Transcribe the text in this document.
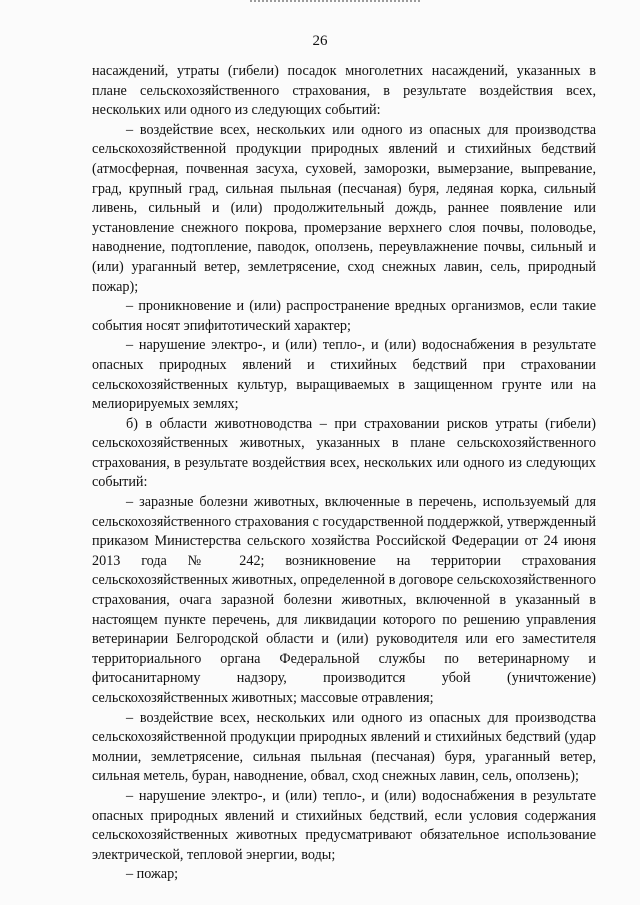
26

насаждений, утраты (гибели) посадок многолетних насаждений, указанных в плане сельскохозяйственного страхования, в результате воздействия всех, нескольких или одного из следующих событий:

– воздействие всех, нескольких или одного из опасных для производства сельскохозяйственной продукции природных явлений и стихийных бедствий (атмосферная, почвенная засуха, суховей, заморозки, вымерзание, выпревание, град, крупный град, сильная пыльная (песчаная) буря, ледяная корка, сильный ливень, сильный и (или) продолжительный дождь, раннее появление или установление снежного покрова, промерзание верхнего слоя почвы, половодье, наводнение, подтопление, паводок, оползень, переувлажнение почвы, сильный и (или) ураганный ветер, землетрясение, сход снежных лавин, сель, природный пожар);

– проникновение и (или) распространение вредных организмов, если такие события носят эпифитотический характер;

– нарушение электро-, и (или) тепло-, и (или) водоснабжения в результате опасных природных явлений и стихийных бедствий при страховании сельскохозяйственных культур, выращиваемых в защищенном грунте или на мелиорируемых землях;

б) в области животноводства – при страховании рисков утраты (гибели) сельскохозяйственных животных, указанных в плане сельскохозяйственного страхования, в результате воздействия всех, нескольких или одного из следующих событий:

– заразные болезни животных, включенные в перечень, используемый для сельскохозяйственного страхования с государственной поддержкой, утвержденный приказом Министерства сельского хозяйства Российской Федерации от 24 июня 2013 года № 242; возникновение на территории страхования сельскохозяйственных животных, определенной в договоре сельскохозяйственного страхования, очага заразной болезни животных, включенной в указанный в настоящем пункте перечень, для ликвидации которого по решению управления ветеринарии Белгородской области и (или) руководителя или его заместителя территориального органа Федеральной службы по ветеринарному и фитосанитарному надзору, производится убой (уничтожение) сельскохозяйственных животных; массовые отравления;

– воздействие всех, нескольких или одного из опасных для производства сельскохозяйственной продукции природных явлений и стихийных бедствий (удар молнии, землетрясение, сильная пыльная (песчаная) буря, ураганный ветер, сильная метель, буран, наводнение, обвал, сход снежных лавин, сель, оползень);

– нарушение электро-, и (или) тепло-, и (или) водоснабжения в результате опасных природных явлений и стихийных бедствий, если условия содержания сельскохозяйственных животных предусматривают обязательное использование электрической, тепловой энергии, воды;

– пожар;
